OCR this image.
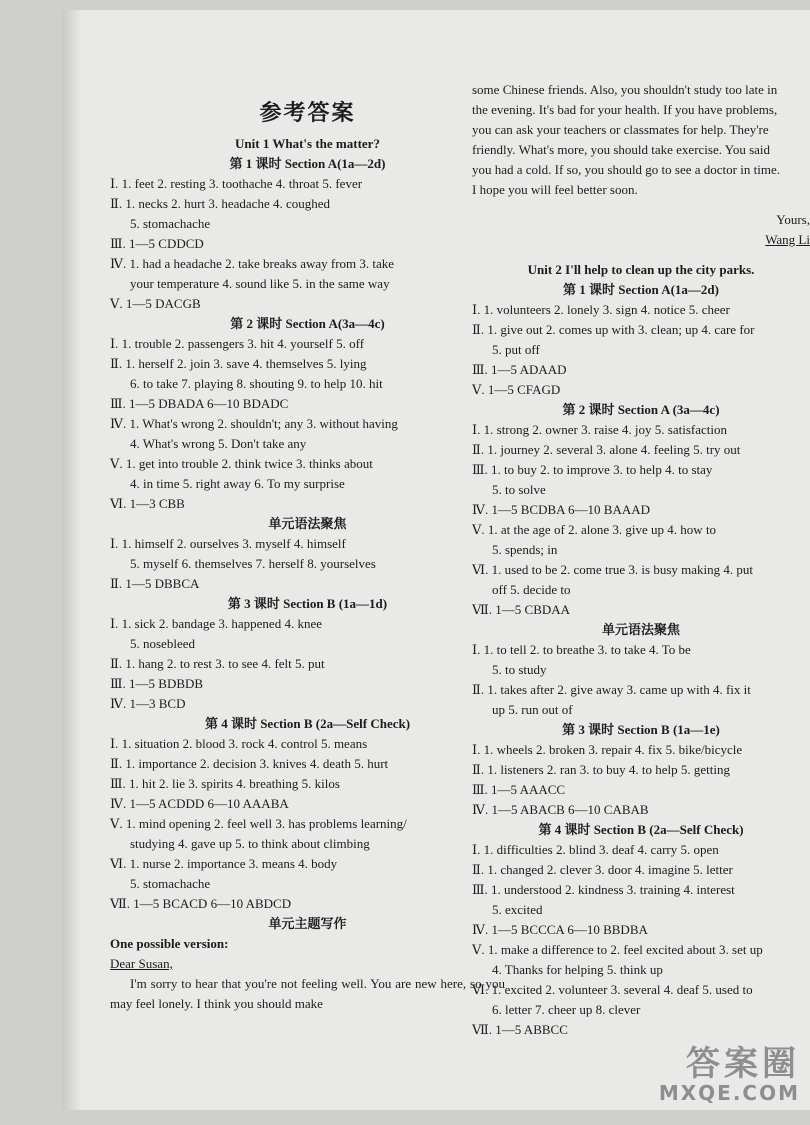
参考答案
Unit 1 What's the matter?
第 1 课时 Section A(1a—2d)
Ⅰ. 1. feet 2. resting 3. toothache 4. throat 5. fever
Ⅱ. 1. necks 2. hurt 3. headache 4. coughed
5. stomachache
Ⅲ. 1—5 CDDCD
Ⅳ. 1. had a headache 2. take breaks away from 3. take
your temperature 4. sound like 5. in the same way
Ⅴ. 1—5 DACGB
第 2 课时 Section A(3a—4c)
Ⅰ. 1. trouble 2. passengers 3. hit 4. yourself 5. off
Ⅱ. 1. herself 2. join 3. save 4. themselves 5. lying
6. to take 7. playing 8. shouting 9. to help 10. hit
Ⅲ. 1—5 DBADA 6—10 BDADC
Ⅳ. 1. What's wrong 2. shouldn't; any 3. without having
4. What's wrong 5. Don't take any
Ⅴ. 1. get into trouble 2. think twice 3. thinks about
4. in time 5. right away 6. To my surprise
Ⅵ. 1—3 CBB
单元语法聚焦
Ⅰ. 1. himself 2. ourselves 3. myself 4. himself
5. myself 6. themselves 7. herself 8. yourselves
Ⅱ. 1—5 DBBCA
第 3 课时 Section B (1a—1d)
Ⅰ. 1. sick 2. bandage 3. happened 4. knee
5. nosebleed
Ⅱ. 1. hang 2. to rest 3. to see 4. felt 5. put
Ⅲ. 1—5 BDBDB
Ⅳ. 1—3 BCD
第 4 课时 Section B (2a—Self Check)
Ⅰ. 1. situation 2. blood 3. rock 4. control 5. means
Ⅱ. 1. importance 2. decision 3. knives 4. death 5. hurt
Ⅲ. 1. hit 2. lie 3. spirits 4. breathing 5. kilos
Ⅳ. 1—5 ACDDD 6—10 AAABA
Ⅴ. 1. mind opening 2. feel well 3. has problems learning/
studying 4. gave up 5. to think about climbing
Ⅵ. 1. nurse 2. importance 3. means 4. body
5. stomachache
Ⅶ. 1—5 BCACD 6—10 ABDCD
单元主题写作
One possible version:
Dear Susan,
I'm sorry to hear that you're not feeling well. You are new here, so you may feel lonely. I think you should make
some Chinese friends. Also, you shouldn't study too late in
the evening. It's bad for your health. If you have problems,
you can ask your teachers or classmates for help. They're
friendly. What's more, you should take exercise. You said
you had a cold. If so, you should go to see a doctor in time.
I hope you will feel better soon.
Yours,
Wang Li
Unit 2 I'll help to clean up the city parks.
第 1 课时 Section A(1a—2d)
Ⅰ. 1. volunteers 2. lonely 3. sign 4. notice 5. cheer
Ⅱ. 1. give out 2. comes up with 3. clean; up 4. care for
5. put off
Ⅲ. 1—5 ADAAD
Ⅴ. 1—5 CFAGD
第 2 课时 Section A (3a—4c)
Ⅰ. 1. strong 2. owner 3. raise 4. joy 5. satisfaction
Ⅱ. 1. journey 2. several 3. alone 4. feeling 5. try out
Ⅲ. 1. to buy 2. to improve 3. to help 4. to stay
5. to solve
Ⅳ. 1—5 BCDBA 6—10 BAAAD
Ⅴ. 1. at the age of 2. alone 3. give up 4. how to
5. spends; in
Ⅵ. 1. used to be 2. come true 3. is busy making 4. put
off 5. decide to
Ⅶ. 1—5 CBDAA
单元语法聚焦
Ⅰ. 1. to tell 2. to breathe 3. to take 4. To be
5. to study
Ⅱ. 1. takes after 2. give away 3. came up with 4. fix it
up 5. run out of
第 3 课时 Section B (1a—1e)
Ⅰ. 1. wheels 2. broken 3. repair 4. fix 5. bike/bicycle
Ⅱ. 1. listeners 2. ran 3. to buy 4. to help 5. getting
Ⅲ. 1—5 AAACC
Ⅳ. 1—5 ABACB 6—10 CABAB
第 4 课时 Section B (2a—Self Check)
Ⅰ. 1. difficulties 2. blind 3. deaf 4. carry 5. open
Ⅱ. 1. changed 2. clever 3. door 4. imagine 5. letter
Ⅲ. 1. understood 2. kindness 3. training 4. interest
5. excited
Ⅳ. 1—5 BCCCA 6—10 BBDBA
Ⅴ. 1. make a difference to 2. feel excited about 3. set up
4. Thanks for helping 5. think up
Ⅵ. 1. excited 2. volunteer 3. several 4. deaf 5. used to
6. letter 7. cheer up 8. clever
Ⅶ. 1—5 ABBCC
答案圈
MXQE.COM
